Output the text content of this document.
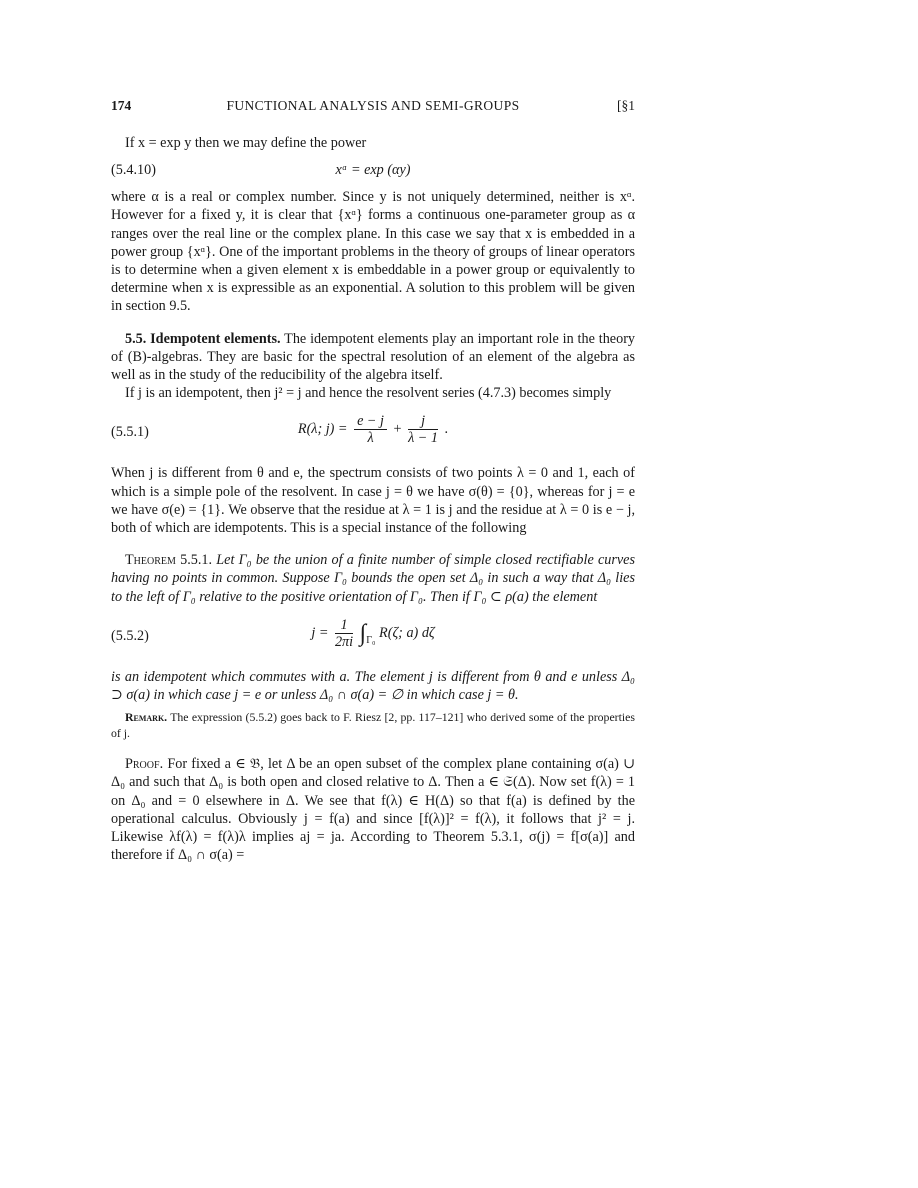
174	FUNCTIONAL ANALYSIS AND SEMI-GROUPS	[§1

If x = exp y then we may define the power

(5.4.10)	xᵅ = exp (αy)

where α is a real or complex number. Since y is not uniquely determined, neither is xᵅ. However for a fixed y, it is clear that {xᵅ} forms a continuous one-parameter group as α ranges over the real line or the complex plane. In this case we say that x is embedded in a power group {xᵅ}. One of the important problems in the theory of groups of linear operators is to determine when a given element x is embeddable in a power group or equivalently to determine when x is expressible as an exponential. A solution to this problem will be given in section 9.5.

5.5. Idempotent elements. The idempotent elements play an important role in the theory of (B)-algebras. They are basic for the spectral resolution of an element of the algebra as well as in the study of the reducibility of the algebra itself.

If j is an idempotent, then j² = j and hence the resolvent series (4.7.3) becomes simply

(5.5.1)	R(λ; $j) = \frac{e - j}{\lambda} + \frac{j}{\lambda - 1}$ .

When j is different from θ and e, the spectrum consists of two points λ = 0 and 1, each of which is a simple pole of the resolvent. In case j = θ we have σ(θ) = {0}, whereas for j = e we have σ(e) = {1}. We observe that the residue at λ = 1 is j and the residue at λ = 0 is e − j, both of which are idempotents. This is a special instance of the following

Theorem 5.5.1. Let Γ₀ be the union of a finite number of simple closed rectifiable curves having no points in common. Suppose Γ₀ bounds the open set Δ₀ in such a way that Δ₀ lies to the left of Γ₀ relative to the positive orientation of Γ₀. Then if Γ₀ ⊂ ρ(a) the element

(5.5.2)	$j = \frac{1}{2\pi i} \int_{\Gamma_0}$ R(ζ; a) dζ

is an idempotent which commutes with a. The element j is different from θ and e unless Δ₀ ⊃ σ(a) in which case j = e or unless Δ₀ ∩ σ(a) = ∅ in which case j = θ.

Remark. The expression (5.5.2) goes back to F. Riesz [2, pp. 117–121] who derived some of the properties of j.

Proof. For fixed a ∈ 𝔅, let Δ be an open subset of the complex plane containing σ(a) ∪ Δ₀ and such that Δ₀ is both open and closed relative to Δ. Then a ∈ 𝔖(Δ). Now set f(λ) = 1 on Δ₀ and = 0 elsewhere in Δ. We see that f(λ) ∈ H(Δ) so that f(a) is defined by the operational calculus. Obviously j = f(a) and since [f(λ)]² = f(λ), it follows that j² = j. Likewise λf(λ) = f(λ)λ implies aj = ja. According to Theorem 5.3.1, σ(j) = f[σ(a)] and therefore if Δ₀ ∩ σ(a) =
